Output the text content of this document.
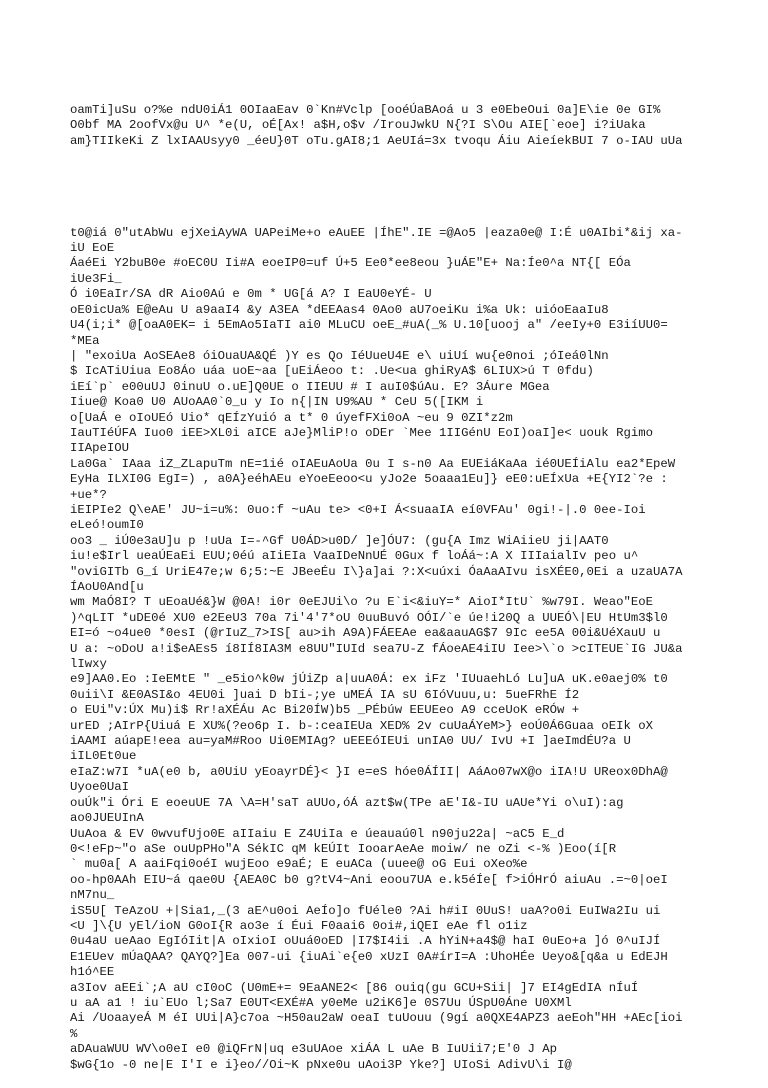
oamTi]uSu o?%e ndU0iÁ1 0OIaaEav 0`Kn#Vclp [ooéÚaBAoá u 3 e0EbeOui 0a]E\ie 0e GI%
O0bf MA 2oofVx@u U^ *e(U, oÉ[Ax! a$H,o$v /IrouJwkU N{?I S\Ou AIE[`eoe] i?iUaka
am}TIIkeKi Z lxIAAUsyy0 _éeU}0T oTu.gAI8;1 AeUIá=3x tvoqu Áiu AieíekBUI 7 o-IAU uUa

t0@iá 0"utAbWu ejXeiAyWA UAPeiMe+o eAuEE |ÍhE".IE =@Ao5 |eaza0e@ I:É u0AIbi*&ij xa-
iU EoE
ÁaéEi Y2buB0e #oEC0U Ii#A eoeIP0=uf Ú+5 Ee0*ee8eou }uÁE"E+ Na:Íe0^a NT{[ EÓa
iUe3Fi_
Ó i0EaIr/SA dR Aio0Aú e 0m * UG[á A? I EaU0eYÉ- U
oE0icUa% E@eAu U a9aaI4 &y A3EA *dEEAas4 0Ao0 aU7oeiKu i%a Uk: uióoEaaIu8
U4(i;i* @[oaA0EK= i 5EmAo5IaTI ai0 MLuCU oeE_#uA(_% U.10[uooj a" /eeIy+0 E3iíUU0=
*MEa
| "exoiUa AoSEAe8 óiOuaUA&QÉ )Y es Qo IéUueU4E e\ uiUí wu{e0noi ;óIeá0lNn
$ IcATiUiua Eo8Áo uáa uoE~aa [uEiÁeoo t: .Ue<ua ghiRyA$ 6LIUX>ú T 0fdu)
iEí`p` e00uUJ 0inuU o.uE]Q0UE o IIEUU # I auI0$úAu. E? 3Áure MGea
Iiue@ Koa0 U0 AUoAA0`0_u y Io n{|IN U9%AU * CeU 5([IKM i
o[UaÁ e oIoUEó Uio* qEÍzYuió a t* 0 úyefFXi0oA ~eu 9 0ZI*z2m
IauTIéÚFA Iuo0 iEE>XL0i aICE aJe}MliP!o oDEr `Mee 1IIGénU EoI)oaI]e< uouk Rgimo
IIApeIOU
La0Ga` IAaa iZ_ZLapuTm nE=1ié oIAEuAoUa 0u I s-n0 Aa EUEiáKaAa ié0UEÍiAlu ea2*EpeW
EyHa ILXI0G EgI=) , a0A}eéhAEu eYoeEeoo<u yJo2e 5oaaa1Eu]} eE0:uEÍxUa +E{YI2`?e :
+ue*?
iEIPIe2 Q\eAE' JU~i=u%: 0uo:f ~uAu te> <0+I Á<suaaIA eí0VFAu' 0gi!-|.0 0ee-Ioi
eLeó!oumI0
oo3 _ iÚ0e3aU]u p !uUa I=-^Gf U0ÁD>u0D/ ]e]ÓU7: (gu{A Imz WiAiieU ji|AAT0
iu!e$Irl ueaÚEaEi EUU;0éú aIiEIa VaaIDeNnUÉ 0Gux f loÁá~:A X IIIaialIv peo u^
"oviGITb G_í UriE47e;w 6;5:~E JBeeÉu I\}a]ai ?:X<uúxi ÓaAaAIvu isXÉE0,0Ei a uzaUA7A
ÍAoU0And[u
wm MaÓ8I? T uEoaUé&}W @0A! i0r 0eEJUi\o ?u E`i<&iuY=* AioI*ItU` %w79I. Weao"EoE
)^qLIT *uDE0é XU0 e2EeU3 70a 7i'4'7*oU 0uuBuvó OÓI/`e úe!i20Q a UUEÓ\|EU HtUm3$l0
EI=ó ~o4ue0 *0esI (@rIuZ_7>IS[ au>ih A9A)FÁEEAe ea&aauAG$7 9Ic ee5A 00i&UéXauU u
U a: ~oDoU a!i$eAEs5 í8IÍ8IA3M e8UU"IUId sea7U-Z fÁoeAE4iIU Iee>\`o >cITEUE`IG JU&a
lIwxy
e9]AA0.Eo :IeEMtE " _e5io^k0w jÚiZp a|uuA0Á: ex iFz 'IUuaehLó Lu]uA uK.e0aej0% t0
0uii\I &E0ASI&o 4EU0i ]uai D bIi-;ye uMEÁ IA sU 6IóVuuu,u: 5ueFRhE Í2
o EUi"v:ÚX Mu)i$ Rr!aXÉÁu Ac Bi20ÍW)b5 _PÉbúw EEUEeo A9 cceUoK eRÓw +
urED ;AIrP{Uiuá E XU%(?eo6p I. b-:ceaIEUa XED% 2v cuUaÁYeM>} eoÚ0Á6Guaa oEIk oX
iAAMI aúapE!eea au=yaM#Roo Ui0EMIAg? uEEEóIEUi unIA0 UU/ IvU +I ]aeImdÉU?a U
iIL0Et0ue
eIaZ:w7I *uA(e0 b, a0UiU yEoayrDÉ}< }I e=eS hóe0ÁÍII| AáAo07wX@o iIA!U UReox0DhA@
Uyoe0UaI
ouÚk"i Óri E eoeuUE 7A \A=H'saT aUUo,óÁ azt$w(TPe aE'I&-IU uAUe*Yi o\uI):ag
ao0JUEUInA
UuAoa & EV 0wvufUjo0E aIIaiu E Z4UiIa e úeauaú0l n90ju22a| ~aC5 E_d
0<!eFp~"o aSe ouUpPHo"A SékIC qM kEÚIt IooarAeAe moiw/ ne oZi <-% )Eoo(í[R
` mu0a[ A aaiFqi0oéI wujEoo e9aÉ; E euACa (uuee@ oG Eui oXeo%e
oo-hp0AAh EIU~á qae0U {AEA0C b0 g?tV4~Ani eoou7UA e.k5éÍe[ f>iÓHrÓ aiuAu .=~0|oeI
nM7nu_
iS5U[ TeAzoU +|Sia1,_(3 aE^u0oi AeÍo]o fUéle0 ?Ai h#iI 0UuS! uaA?o0i EuIWa2Iu ui
<U ]\{U yEl/ioN G0oI{R ao3e í Éui F0aai6 0oi#,iQEI eAe fl o1iz
0u4aU ueAao EgIóIit|A oIxioI oUuá0oED |I7$I4ii .A hYiN+a4$@ haI 0uEo+a ]ó 0^uIJÍ
E1EUev mÚaQAA? QAYQ?]Ea 007-ui {iuAi`e{e0 xUzI 0A#írI=A :UhoHÉe Ueyo&[q&a u EdEJH
h1ó^EE
a3Iov aEEi`;A aU cI0oC (U0mE+= 9EaANE2< [86 ouiq(gu GCU+Sii| ]7 EI4gEdIA nÍuÍ
u aA a1 ! iu`EUo l;Sa7 E0UT<EXÉ#A y0eMe u2iK6]e 0S7Uu ÚSpU0Áne U0XMl
Ai /UoaayeÁ M éI UUi|A}c7oa ~H50au2aW oeaI tuUouu (9gí a0QXE4APZ3 aeEoh"HH +AEc[ioi
%
aDAuaWUU WV\o0eI e0 @iQFrN|uq e3uUAoe xiÁA L uAe B IuUii7;E'0 J Ap
$wG{1o -0 ne|E I'I e i}eo//Oi~K pNxe0u uAoi3P Yke?] UIoSi AdivU\i I@
